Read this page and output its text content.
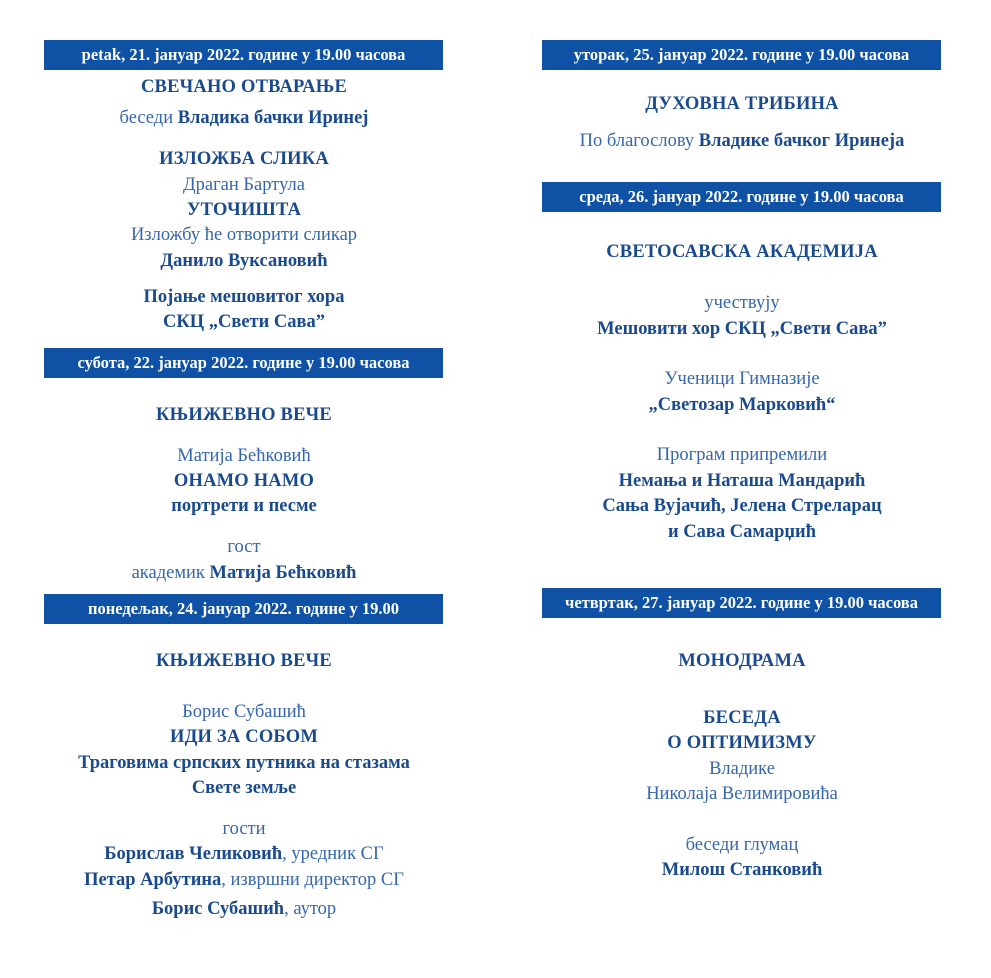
petak, 21. јануар 2022. године у 19.00 часова
СВЕЧАНО ОТВАРАЊЕ
беседи Владика бачки Иринеј
ИЗЛОЖБА СЛИКА
Драган Бартула
УТОЧИШТА
Изложбу ће отворити сликар
Данило Вуксановић
Појање мешовитог хора
СКЦ „Свети Сава”
субота, 22. јануар 2022. године у 19.00 часова
КЊИЖЕВНО ВЕЧЕ
Матија Бећковић
ОНАМО НАМО
портрети и песме
гост
академик Матија Бећковић
понедељак, 24. јануар 2022. године у 19.00
КЊИЖЕВНО ВЕЧЕ
Борис Субашић
ИДИ ЗА СОБОМ
Траговима српских путника на стазама
Свете земље
гости
Борислав Челиковић, уредник СГ
Петар Арбутина, извршни директор СГ
Борис Субашић, аутор
уторак, 25. јануар 2022. године у 19.00 часова
ДУХОВНА ТРИБИНА
По благослову Владике бачког Иринеја
среда, 26. јануар 2022. године у 19.00 часова
СВЕТОСАВСКА АКАДЕМИЈА
учествују
Мешовити хор СКЦ „Свети Сава”
Ученици Гимназије
„Светозар Марковић“
Програм припремили
Немања и Наташа Мандарић
Сања Вујачић, Јелена Стреларац
и Сава Самарџић
четвртак, 27. јануар 2022. године у 19.00 часова
МОНОДРАМА
БЕСЕДА
О ОПТИМИЗМУ
Владике
Николаја Велимировића
беседи глумац
Милош Станковић
